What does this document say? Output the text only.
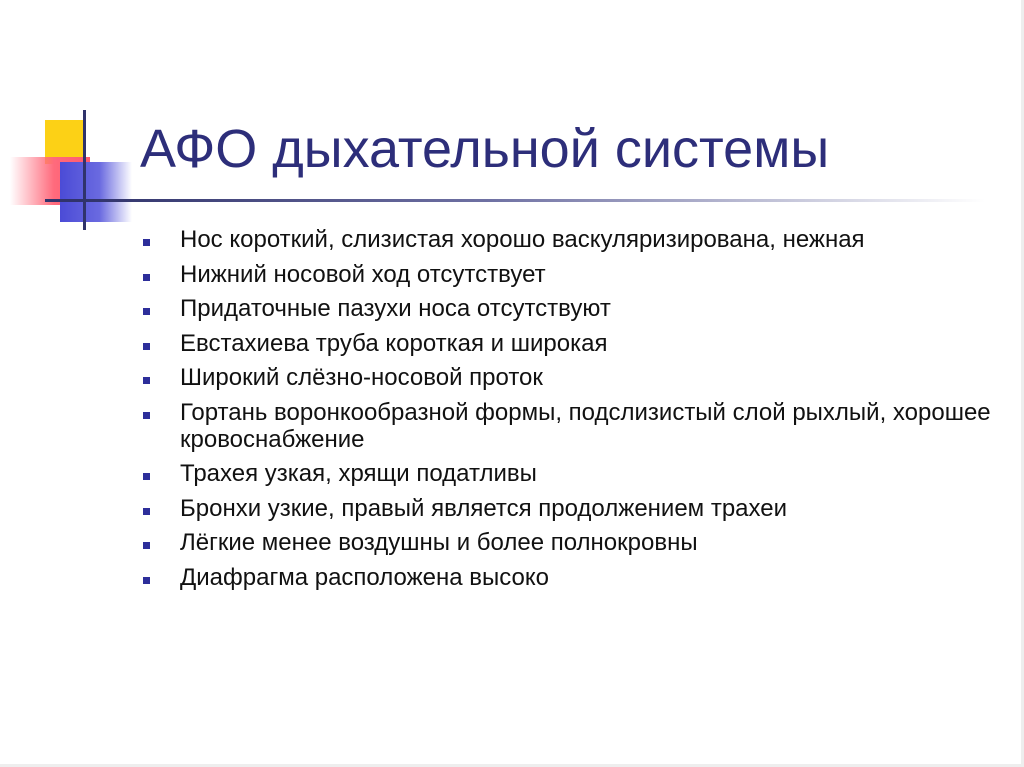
АФО дыхательной системы
Нос короткий, слизистая хорошо васкуляризирована, нежная
Нижний носовой ход отсутствует
Придаточные пазухи носа отсутствуют
Евстахиева труба короткая и широкая
Широкий слёзно-носовой проток
Гортань воронкообразной формы, подслизистый слой рыхлый, хорошее кровоснабжение
Трахея узкая, хрящи податливы
Бронхи узкие, правый является продолжением трахеи
Лёгкие менее воздушны и более полнокровны
Диафрагма расположена высоко
